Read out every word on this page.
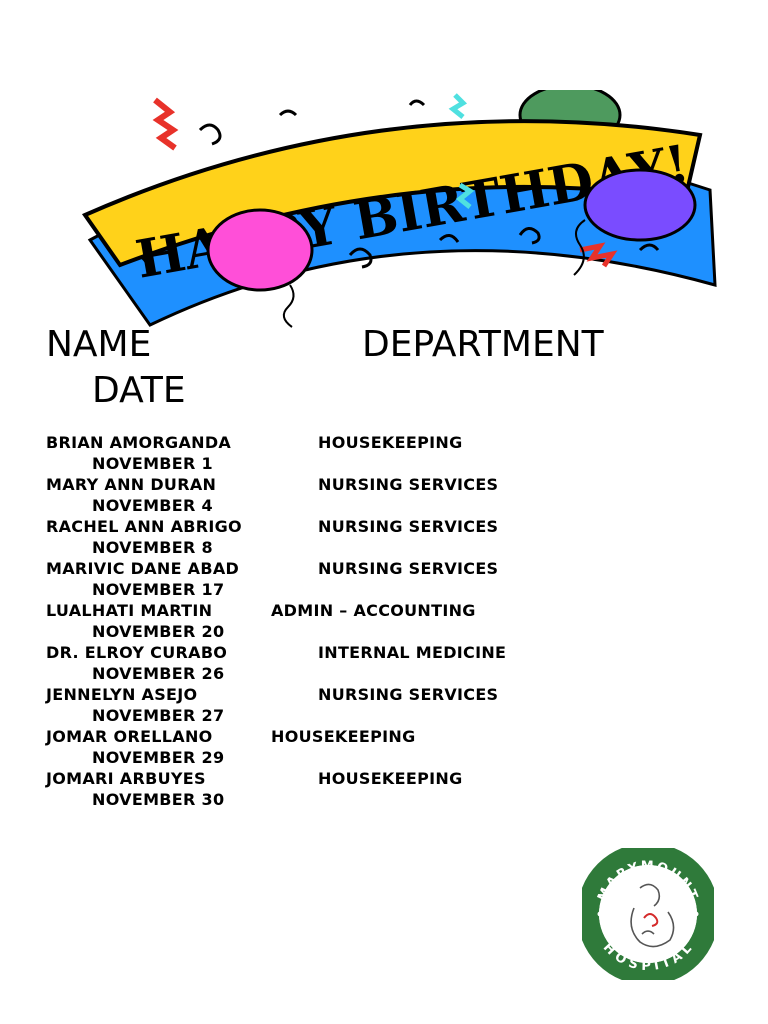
HAPPY BIRTHDAY!
NAME	DEPARTMENT
DATE
BRIAN AMORGANDA	HOUSEKEEPING
NOVEMBER 1
MARY ANN DURAN	NURSING SERVICES
NOVEMBER 4
RACHEL ANN ABRIGO	NURSING SERVICES
NOVEMBER 8
MARIVIC DANE ABAD	NURSING SERVICES
NOVEMBER 17
LUALHATI MARTIN	ADMIN – ACCOUNTING
NOVEMBER 20
DR. ELROY CURABO	INTERNAL MEDICINE
NOVEMBER 26
JENNELYN ASEJO	NURSING SERVICES
NOVEMBER 27
JOMAR ORELLANO	HOUSEKEEPING
NOVEMBER 29
JOMARI ARBUYES	HOUSEKEEPING
NOVEMBER 30
MARYMOUNT
HOSPITAL
